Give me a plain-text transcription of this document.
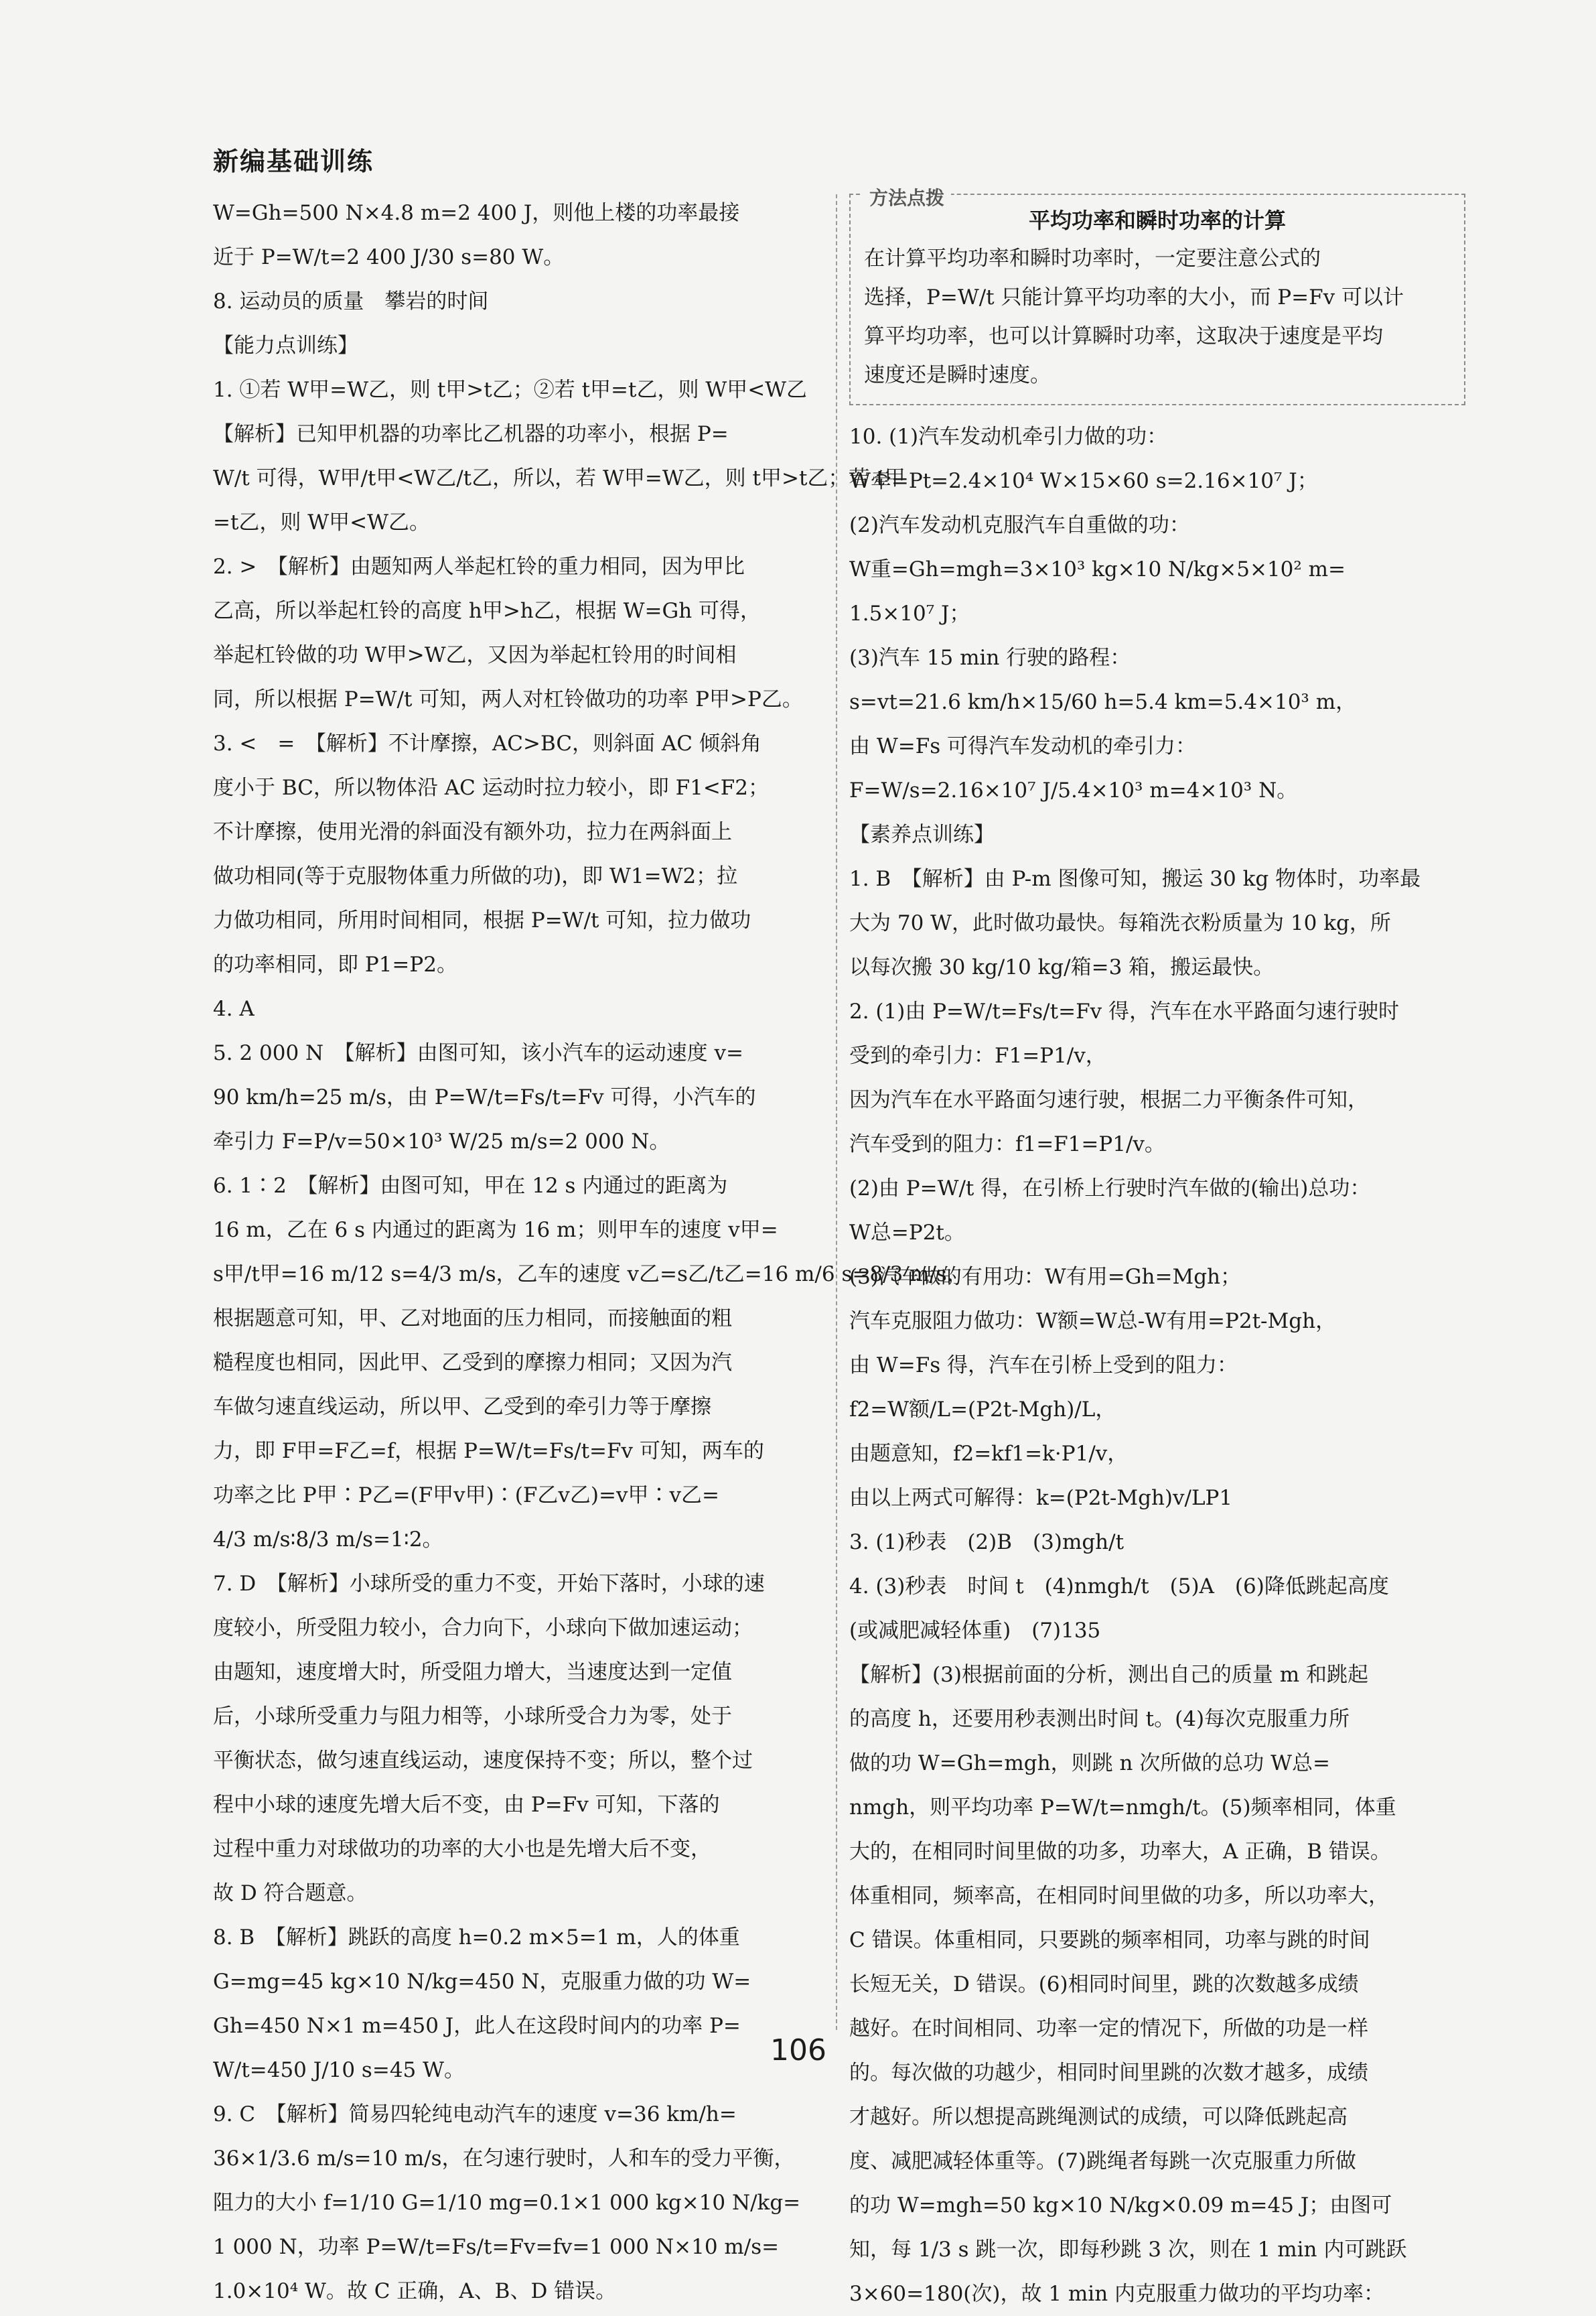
新编基础训练
W=Gh=500 N×4.8 m=2 400 J，则他上楼的功率最接
近于 P=W/t=2 400 J/30 s=80 W。
8. 运动员的质量　攀岩的时间
【能力点训练】
1. ①若 W甲=W乙，则 t甲>t乙；②若 t甲=t乙，则 W甲<W乙
【解析】已知甲机器的功率比乙机器的功率小，根据 P=
W/t 可得，W甲/t甲<W乙/t乙，所以，若 W甲=W乙，则 t甲>t乙；若 t甲
=t乙，则 W甲<W乙。
2. >　【解析】由题知两人举起杠铃的重力相同，因为甲比
乙高，所以举起杠铃的高度 h甲>h乙，根据 W=Gh 可得，
举起杠铃做的功 W甲>W乙，又因为举起杠铃用的时间相
同，所以根据 P=W/t 可知，两人对杠铃做功的功率 P甲>P乙。
3. <　=　【解析】不计摩擦，AC>BC，则斜面 AC 倾斜角
度小于 BC，所以物体沿 AC 运动时拉力较小，即 F1<F2；
不计摩擦，使用光滑的斜面没有额外功，拉力在两斜面上
做功相同(等于克服物体重力所做的功)，即 W1=W2；拉
力做功相同，所用时间相同，根据 P=W/t 可知，拉力做功
的功率相同，即 P1=P2。
4. A
5. 2 000 N　【解析】由图可知，该小汽车的运动速度 v=
90 km/h=25 m/s，由 P=W/t=Fs/t=Fv 可得，小汽车的
牵引力 F=P/v=50×10³ W/25 m/s=2 000 N。
6. 1∶2　【解析】由图可知，甲在 12 s 内通过的距离为
16 m，乙在 6 s 内通过的距离为 16 m；则甲车的速度 v甲=
s甲/t甲=16 m/12 s=4/3 m/s，乙车的速度 v乙=s乙/t乙=16 m/6 s=8/3 m/s，
根据题意可知，甲、乙对地面的压力相同，而接触面的粗
糙程度也相同，因此甲、乙受到的摩擦力相同；又因为汽
车做匀速直线运动，所以甲、乙受到的牵引力等于摩擦
力，即 F甲=F乙=f，根据 P=W/t=Fs/t=Fv 可知，两车的
功率之比 P甲∶P乙=(F甲v甲)∶(F乙v乙)=v甲∶v乙=
4/3 m/s∶8/3 m/s=1∶2。
7. D　【解析】小球所受的重力不变，开始下落时，小球的速
度较小，所受阻力较小，合力向下，小球向下做加速运动；
由题知，速度增大时，所受阻力增大，当速度达到一定值
后，小球所受重力与阻力相等，小球所受合力为零，处于
平衡状态，做匀速直线运动，速度保持不变；所以，整个过
程中小球的速度先增大后不变，由 P=Fv 可知，下落的
过程中重力对球做功的功率的大小也是先增大后不变，
故 D 符合题意。
8. B　【解析】跳跃的高度 h=0.2 m×5=1 m，人的体重
G=mg=45 kg×10 N/kg=450 N，克服重力做的功 W=
Gh=450 N×1 m=450 J，此人在这段时间内的功率 P=
W/t=450 J/10 s=45 W。
9. C　【解析】简易四轮纯电动汽车的速度 v=36 km/h=
36×1/3.6 m/s=10 m/s，在匀速行驶时，人和车的受力平衡，
阻力的大小 f=1/10 G=1/10 mg=0.1×1 000 kg×10 N/kg=
1 000 N，功率 P=W/t=Fs/t=Fv=fv=1 000 N×10 m/s=
1.0×10⁴ W。故 C 正确，A、B、D 错误。
方法点拨
平均功率和瞬时功率的计算
在计算平均功率和瞬时功率时，一定要注意公式的
选择，P=W/t 只能计算平均功率的大小，而 P=Fv 可以计
算平均功率，也可以计算瞬时功率，这取决于速度是平均
速度还是瞬时速度。
10. (1)汽车发动机牵引力做的功：
W牵=Pt=2.4×10⁴ W×15×60 s=2.16×10⁷ J；
(2)汽车发动机克服汽车自重做的功：
W重=Gh=mgh=3×10³ kg×10 N/kg×5×10² m=
1.5×10⁷ J；
(3)汽车 15 min 行驶的路程：
s=vt=21.6 km/h×15/60 h=5.4 km=5.4×10³ m，
由 W=Fs 可得汽车发动机的牵引力：
F=W/s=2.16×10⁷ J/5.4×10³ m=4×10³ N。
【素养点训练】
1. B　【解析】由 P-m 图像可知，搬运 30 kg 物体时，功率最
大为 70 W，此时做功最快。每箱洗衣粉质量为 10 kg，所
以每次搬 30 kg/10 kg/箱=3 箱，搬运最快。
2. (1)由 P=W/t=Fs/t=Fv 得，汽车在水平路面匀速行驶时
受到的牵引力：F1=P1/v，
因为汽车在水平路面匀速行驶，根据二力平衡条件可知，
汽车受到的阻力：f1=F1=P1/v。
(2)由 P=W/t 得，在引桥上行驶时汽车做的(输出)总功：
W总=P2t。
(3)汽车做的有用功：W有用=Gh=Mgh；
汽车克服阻力做功：W额=W总-W有用=P2t-Mgh，
由 W=Fs 得，汽车在引桥上受到的阻力：
f2=W额/L=(P2t-Mgh)/L，
由题意知，f2=kf1=k·P1/v，
由以上两式可解得：k=(P2t-Mgh)v/LP1
3. (1)秒表　(2)B　(3)mgh/t
4. (3)秒表　时间 t　(4)nmgh/t　(5)A　(6)降低跳起高度
(或减肥减轻体重)　(7)135
【解析】(3)根据前面的分析，测出自己的质量 m 和跳起
的高度 h，还要用秒表测出时间 t。(4)每次克服重力所
做的功 W=Gh=mgh，则跳 n 次所做的总功 W总=
nmgh，则平均功率 P=W/t=nmgh/t。(5)频率相同，体重
大的，在相同时间里做的功多，功率大，A 正确，B 错误。
体重相同，频率高，在相同时间里做的功多，所以功率大，
C 错误。体重相同，只要跳的频率相同，功率与跳的时间
长短无关，D 错误。(6)相同时间里，跳的次数越多成绩
越好。在时间相同、功率一定的情况下，所做的功是一样
的。每次做的功越少，相同时间里跳的次数才越多，成绩
才越好。所以想提高跳绳测试的成绩，可以降低跳起高
度、减肥减轻体重等。(7)跳绳者每跳一次克服重力所做
的功 W=mgh=50 kg×10 N/kg×0.09 m=45 J；由图可
知，每 1/3 s 跳一次，即每秒跳 3 次，则在 1 min 内可跳跃
3×60=180(次)，故 1 min 内克服重力做功的平均功率：
106
